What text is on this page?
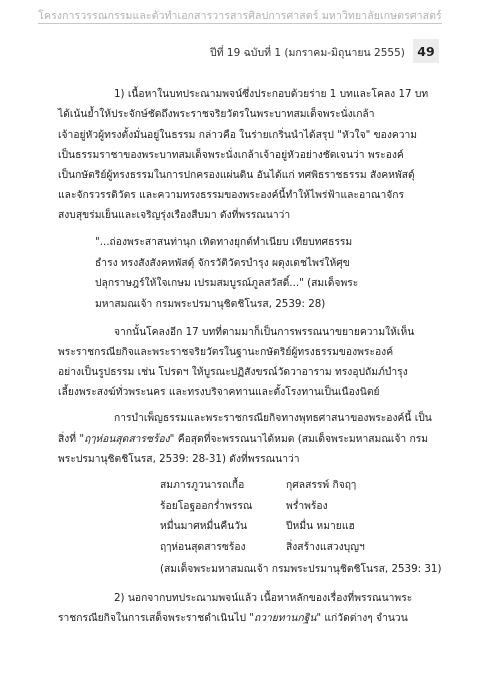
โครงการวรรณกรรมและตัวทำเอกสารวารสารศิลปการศาสตร์ มหาวิทยาลัยเกษตรศาสตร์
ปีที่ 19 ฉบับที่ 1 (มกราคม-มิถุนายน 2555) 49
1) เนื้อหาในบทประณามพจน์ซึ่งประกอบด้วยร่าย 1 บทและโคลง 17 บท
ได้เน้นย้ำให้ประจักษ์ชัดถึงพระราชจริยวัตรในพระบาทสมเด็จพระนั่งเกล้า
เจ้าอยู่หัวผู้ทรงตั้งมั่นอยู่ในธรรม กล่าวคือ ในร่ายเกริ่นนำได้สรุป "หัวใจ" ของความ
เป็นธรรมราชาของพระบาทสมเด็จพระนั่งเกล้าเจ้าอยู่หัวอย่างชัดเจนว่า พระองค์
เป็นกษัตริย์ผู้ทรงธรรมในการปกครองแผ่นดิน อันได้แก่ ทศพิธราชธรรม สังคหพัสดุ์
และจักรวรรดิวัตร และความทรงธรรมของพระองค์นี้ทำให้ไพร่ฟ้าและอาณาจักร
สงบสุขร่มเย็นและเจริญรุ่งเรืองสืบมา ดังที่พรรณนาว่า
"...ถ่องพระสาสนท่านุก เทิดทางยุกต์ทำเนียบ เทียบทศธรรม
ธำรง ทรงสังสังคหพัสดุ์ จักรวัติวัตรบำรุง ผดุงเดชไพร่ให้ศุข
ปลุกราษฎร์ให้ใจเกษม เปรมสมบูรณ์ภูลสวัสดิ์..." (สมเด็จพระ
มหาสมณเจ้า กรมพระปรมานุชิตชิโนรส, 2539: 28)
จากนั้นโคลงอีก 17 บทที่ตามมาก็เป็นการพรรณนาขยายความให้เห็น
พระราชกรณียกิจและพระราชจริยวัตรในฐานะกษัตริย์ผู้ทรงธรรมของพระองค์
อย่างเป็นรูปธรรม เช่น โปรดฯ ให้บูรณะปฏิสังขรณ์วัดวาอาราม ทรงอุปถัมภ์บำรุง
เลี้ยงพระสงฆ์ทั่วพระนคร และทรงบริจาคทานและตั้งโรงทานเป็นเนืองนิตย์
การบำเพ็ญธรรมและพระราชกรณียกิจทางพุทธศาสนาของพระองค์นี้ เป็น
สิ่งที่ "ฤๅห่อนสุดสารซร้อง" คือสุดที่จะพรรณนาได้หมด (สมเด็จพระมหาสมณเจ้า กรม
พระปรมานุชิตชิโนรส, 2539: 28-31) ดังที่พรรณนาว่า
สมภารภูวนารถเกื้อ	กุศลสรรพ์ กิจฤๅ
ร้อยโอฐออกร่ำพรรณ	พร่ำพร้อง
หมื่นมาศหมื่นคืนวัน	ปีหมื่น หมายแฮ
ฤๅห่อนสุดสารซร้อง	สิ่งสร้างแสวงบุญฯ
(สมเด็จพระมหาสมณเจ้า กรมพระปรมานุชิตชิโนรส, 2539: 31)
2) นอกจากบทประณามพจน์แล้ว เนื้อหาหลักของเรื่องที่พรรณนาพระ
ราชกรณียกิจในการเสด็จพระราชดำเนินไป "ถวายทานกฐิน" แก่วัดต่างๆ จำนวน
